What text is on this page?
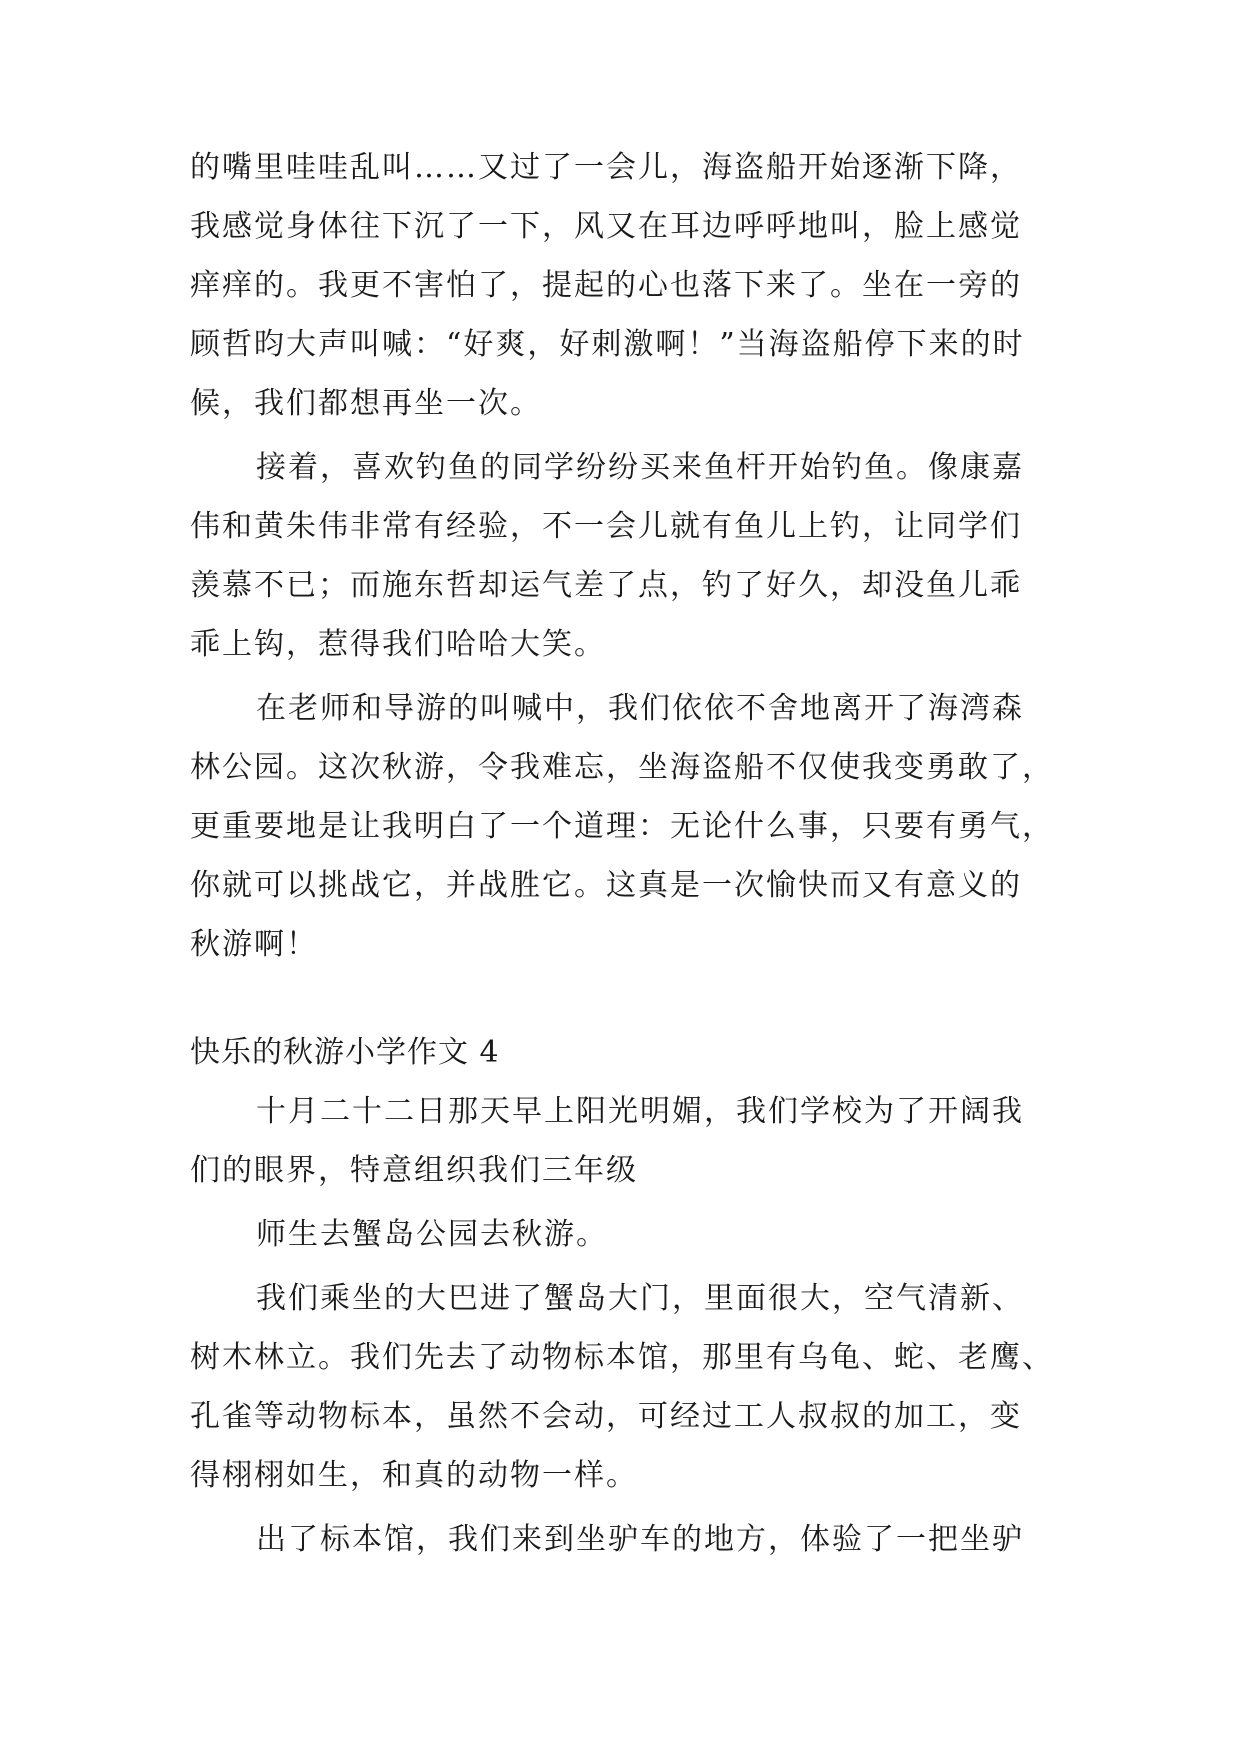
的嘴里哇哇乱叫……又过了一会儿，海盗船开始逐渐下降，
我感觉身体往下沉了一下，风又在耳边呼呼地叫，脸上感觉
痒痒的。我更不害怕了，提起的心也落下来了。坐在一旁的
顾哲昀大声叫喊：“好爽，好刺激啊！”当海盗船停下来的时
候，我们都想再坐一次。
接着，喜欢钓鱼的同学纷纷买来鱼杆开始钓鱼。像康嘉
伟和黄朱伟非常有经验，不一会儿就有鱼儿上钓，让同学们
羡慕不已；而施东哲却运气差了点，钓了好久，却没鱼儿乖
乖上钩，惹得我们哈哈大笑。
在老师和导游的叫喊中，我们依依不舍地离开了海湾森
林公园。这次秋游，令我难忘，坐海盗船不仅使我变勇敢了，
更重要地是让我明白了一个道理：无论什么事，只要有勇气，
你就可以挑战它，并战胜它。这真是一次愉快而又有意义的
秋游啊！
快乐的秋游小学作文 4
十月二十二日那天早上阳光明媚，我们学校为了开阔我
们的眼界，特意组织我们三年级
师生去蟹岛公园去秋游。
我们乘坐的大巴进了蟹岛大门，里面很大，空气清新、
树木林立。我们先去了动物标本馆，那里有乌龟、蛇、老鹰、
孔雀等动物标本，虽然不会动，可经过工人叔叔的加工，变
得栩栩如生，和真的动物一样。
出了标本馆，我们来到坐驴车的地方，体验了一把坐驴
